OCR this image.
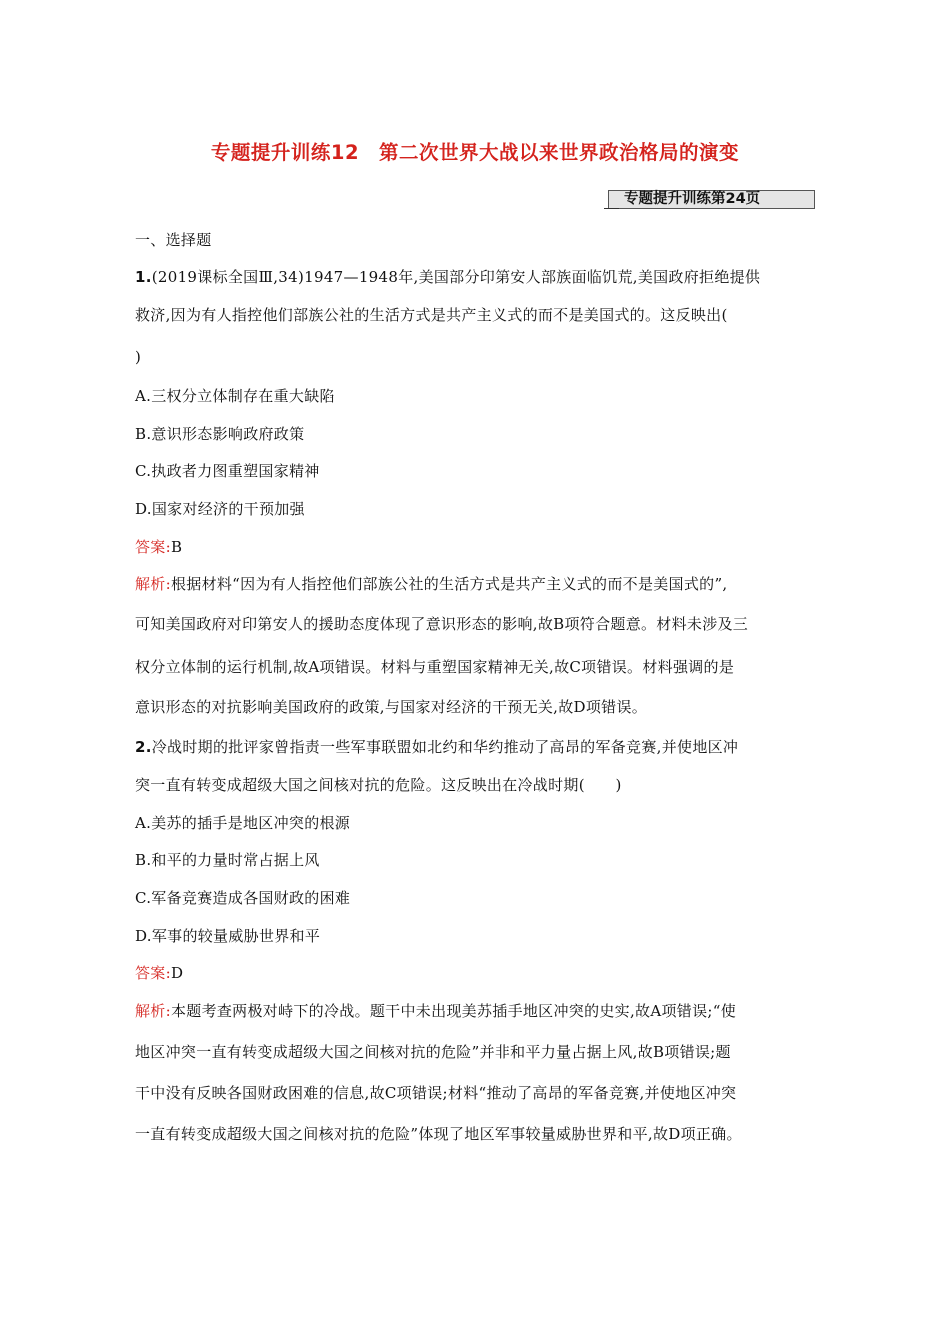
专题提升训练12　第二次世界大战以来世界政治格局的演变
专题提升训练第24页
一、选择题
1.(2019课标全国Ⅲ,34)1947—1948年,美国部分印第安人部族面临饥荒,美国政府拒绝提供
救济,因为有人指控他们部族公社的生活方式是共产主义式的而不是美国式的。这反映出(
)
A.三权分立体制存在重大缺陷
B.意识形态影响政府政策
C.执政者力图重塑国家精神
D.国家对经济的干预加强
答案:B
解析:根据材料“因为有人指控他们部族公社的生活方式是共产主义式的而不是美国式的”,
可知美国政府对印第安人的援助态度体现了意识形态的影响,故B项符合题意。材料未涉及三
权分立体制的运行机制,故A项错误。材料与重塑国家精神无关,故C项错误。材料强调的是
意识形态的对抗影响美国政府的政策,与国家对经济的干预无关,故D项错误。
2.冷战时期的批评家曾指责一些军事联盟如北约和华约推动了高昂的军备竞赛,并使地区冲
突一直有转变成超级大国之间核对抗的危险。这反映出在冷战时期(　　)
A.美苏的插手是地区冲突的根源
B.和平的力量时常占据上风
C.军备竞赛造成各国财政的困难
D.军事的较量威胁世界和平
答案:D
解析:本题考查两极对峙下的冷战。题干中未出现美苏插手地区冲突的史实,故A项错误;“使
地区冲突一直有转变成超级大国之间核对抗的危险”并非和平力量占据上风,故B项错误;题
干中没有反映各国财政困难的信息,故C项错误;材料“推动了高昂的军备竞赛,并使地区冲突
一直有转变成超级大国之间核对抗的危险”体现了地区军事较量威胁世界和平,故D项正确。
